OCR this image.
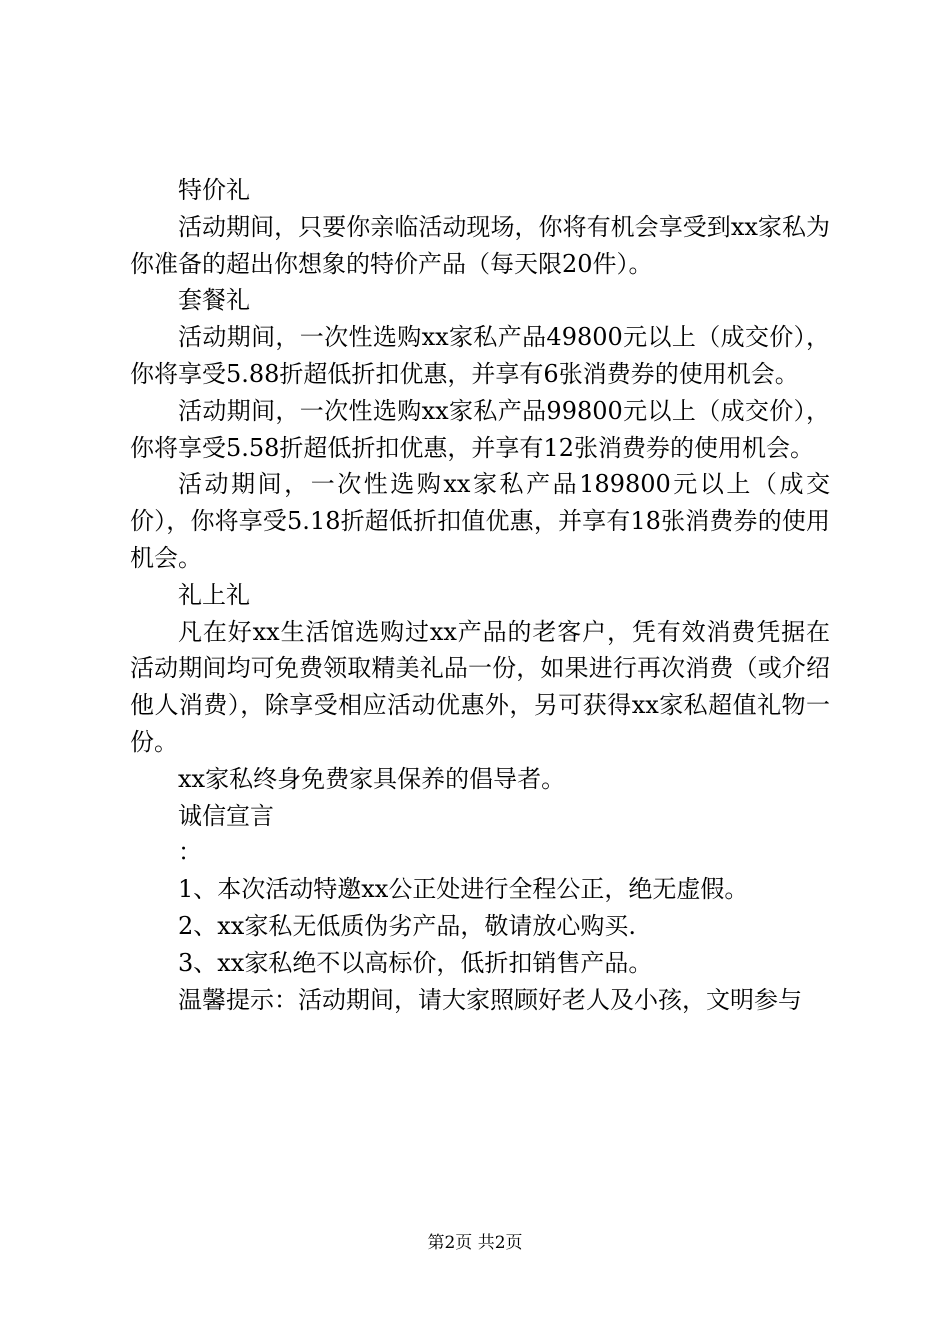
特价礼

活动期间，只要你亲临活动现场，你将有机会享受到xx家私为你准备的超出你想象的特价产品（每天限20件）。

套餐礼

活动期间，一次性选购xx家私产品49800元以上（成交价），你将享受5.88折超低折扣优惠，并享有6张消费券的使用机会。

活动期间，一次性选购xx家私产品99800元以上（成交价），你将享受5.58折超低折扣优惠，并享有12张消费券的使用机会。

活动期间，一次性选购xx家私产品189800元以上（成交价），你将享受5.18折超低折扣值优惠，并享有18张消费券的使用机会。

礼上礼

凡在好xx生活馆选购过xx产品的老客户，凭有效消费凭据在活动期间均可免费领取精美礼品一份，如果进行再次消费（或介绍他人消费），除享受相应活动优惠外，另可获得xx家私超值礼物一份。

xx家私终身免费家具保养的倡导者。

诚信宣言

：

1、本次活动特邀xx公正处进行全程公正，绝无虚假。

2、xx家私无低质伪劣产品，敬请放心购买.

3、xx家私绝不以高标价，低折扣销售产品。

温馨提示：活动期间，请大家照顾好老人及小孩，文明参与

第2页 共2页
